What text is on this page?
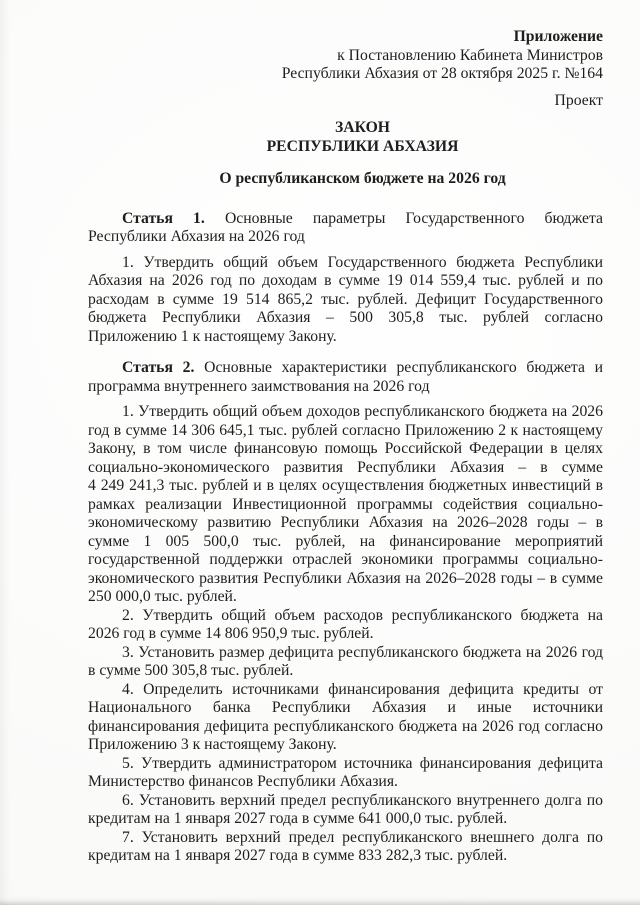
Приложение
к Постановлению Кабинета Министров
Республики Абхазия от 28 октября 2025 г. №164
Проект
ЗАКОН
РЕСПУБЛИКИ АБХАЗИЯ
О республиканском бюджете на 2026 год

Статья 1. Основные параметры Государственного бюджета Республики Абхазия на 2026 год

1. Утвердить общий объем Государственного бюджета Республики Абхазия на 2026 год по доходам в сумме 19 014 559,4 тыс. рублей и по расходам в сумме 19 514 865,2 тыс. рублей. Дефицит Государственного бюджета Республики Абхазия – 500 305,8 тыс. рублей согласно Приложению 1 к настоящему Закону.

Статья 2. Основные характеристики республиканского бюджета и программа внутреннего заимствования на 2026 год

1. Утвердить общий объем доходов республиканского бюджета на 2026 год в сумме 14 306 645,1 тыс. рублей согласно Приложению 2 к настоящему Закону, в том числе финансовую помощь Российской Федерации в целях социально-экономического развития Республики Абхазия – в сумме 4 249 241,3 тыс. рублей и в целях осуществления бюджетных инвестиций в рамках реализации Инвестиционной программы содействия социально-экономическому развитию Республики Абхазия на 2026–2028 годы – в сумме 1 005 500,0 тыс. рублей, на финансирование мероприятий государственной поддержки отраслей экономики программы социально-экономического развития Республики Абхазия на 2026–2028 годы – в сумме 250 000,0 тыс. рублей.

2. Утвердить общий объем расходов республиканского бюджета на 2026 год в сумме 14 806 950,9 тыс. рублей.

3. Установить размер дефицита республиканского бюджета на 2026 год в сумме 500 305,8 тыс. рублей.

4. Определить источниками финансирования дефицита кредиты от Национального банка Республики Абхазия и иные источники финансирования дефицита республиканского бюджета на 2026 год согласно Приложению 3 к настоящему Закону.

5. Утвердить администратором источника финансирования дефицита Министерство финансов Республики Абхазия.

6. Установить верхний предел республиканского внутреннего долга по кредитам на 1 января 2027 года в сумме 641 000,0 тыс. рублей.

7. Установить верхний предел республиканского внешнего долга по кредитам на 1 января 2027 года в сумме 833 282,3 тыс. рублей.
